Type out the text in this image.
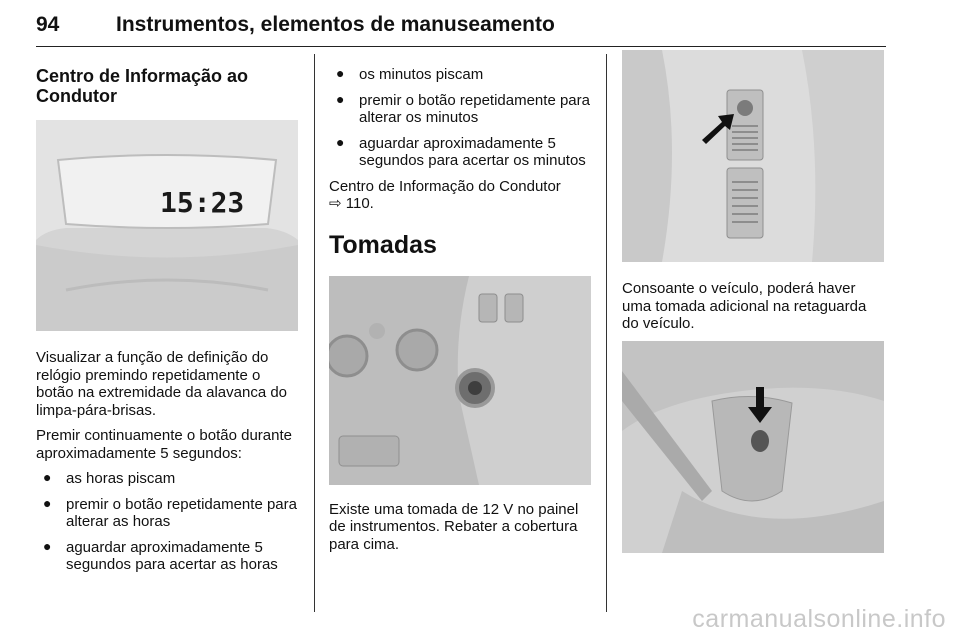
94	Instrumentos, elementos de manuseamento
Centro de Informação ao Condutor
15:23

Visualizar a função de definição do relógio premindo repetidamente o botão na extremidade da alavanca do limpa-pára-brisas.

Premir continuamente o botão durante aproximadamente 5 segundos:

● as horas piscam
● premir o botão repetidamente para alterar as horas
● aguardar aproximadamente 5 segundos para acertar as horas
● os minutos piscam
● premir o botão repetidamente para alterar os minutos
● aguardar aproximadamente 5 segundos para acertar os minutos

Centro de Informação do Condutor
⇨ 110.

Tomadas

Existe uma tomada de 12 V no painel de instrumentos. Rebater a cobertura para cima.

Consoante o veículo, poderá haver uma tomada adicional na retaguarda do veículo.

carmanualsonline.info
